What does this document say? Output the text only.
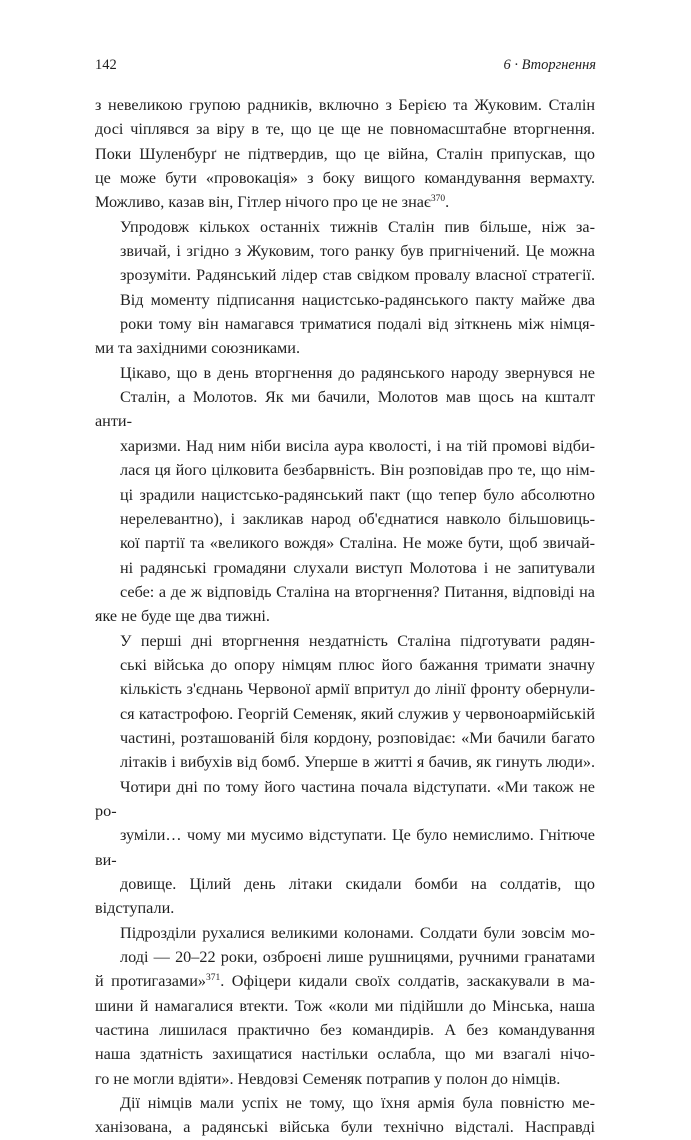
142	6 · Вторгнення

з невеликою групою радників, включно з Берією та Жуковим. Сталін
досі чіплявся за віру в те, що це ще не повномасштабне вторгнення.
Поки Шуленбурґ не підтвердив, що це війна, Сталін припускав, що
це може бути «провокація» з боку вищого командування вермахту.

Можливо, казав він, Гітлер нічого про це не знає$^{370}$.

Упродовж кількох останніх тижнів Сталін пив більше, ніж за-
звичай, і згідно з Жуковим, того ранку був пригнічений. Це можна
зрозуміти. Радянський лідер став свідком провалу власної стратегії.
Від моменту підписання нацистсько-радянського пакту майже два
роки тому він намагався триматися подалі від зіткнень між німця-

ми та західними союзниками.

Цікаво, що в день вторгнення до радянського народу звернувся не
Сталін, а Молотов. Як ми бачили, Молотов мав щось на кшталт анти-
харизми. Над ним ніби висіла аура кволості, і на тій промові відби-
лася ця його цілковита безбарвність. Він розповідав про те, що нім-
ці зрадили нацистсько-радянський пакт (що тепер було абсолютно
нерелевантно), і закликав народ об'єднатися навколо більшовиць-
кої партії та «великого вождя» Сталіна. Не може бути, щоб звичай-
ні радянські громадяни слухали виступ Молотова і не запитували
себе: а де ж відповідь Сталіна на вторгнення? Питання, відповіді на

яке не буде ще два тижні.

У перші дні вторгнення нездатність Сталіна підготувати радян-
ські війська до опору німцям плюс його бажання тримати значну
кількість з'єднань Червоної армії впритул до лінії фронту обернули-
ся катастрофою. Георгій Семеняк, який служив у червоноармійській
частині, розташованій біля кордону, розповідає: «Ми бачили багато
літаків і вибухів від бомб. Уперше в житті я бачив, як гинуть люди».
Чотири дні по тому його частина почала відступати. «Ми також не ро-
зуміли… чому ми мусимо відступати. Це було немислимо. Гнітюче ви-
довище. Цілий день літаки скидали бомби на солдатів, що відступали.
Підрозділи рухалися великими колонами. Солдати були зовсім мо-
лоді — 20–22 роки, озброєні лише рушницями, ручними гранатами

й протигазами»$^{371}$. Офіцери кидали своїх солдатів, заскакували в ма-
шини й намагалися втекти. Тож «коли ми підійшли до Мінська, наша
частина лишилася практично без командирів. А без командування
наша здатність захищатися настільки ослабла, що ми взагалі нічо-

го не могли вдіяти». Невдовзі Семеняк потрапив у полон до німців.

Дії німців мали успіх не тому, що їхня армія була повністю ме-

ханізована, а радянські війська були технічно відсталі. Насправді
